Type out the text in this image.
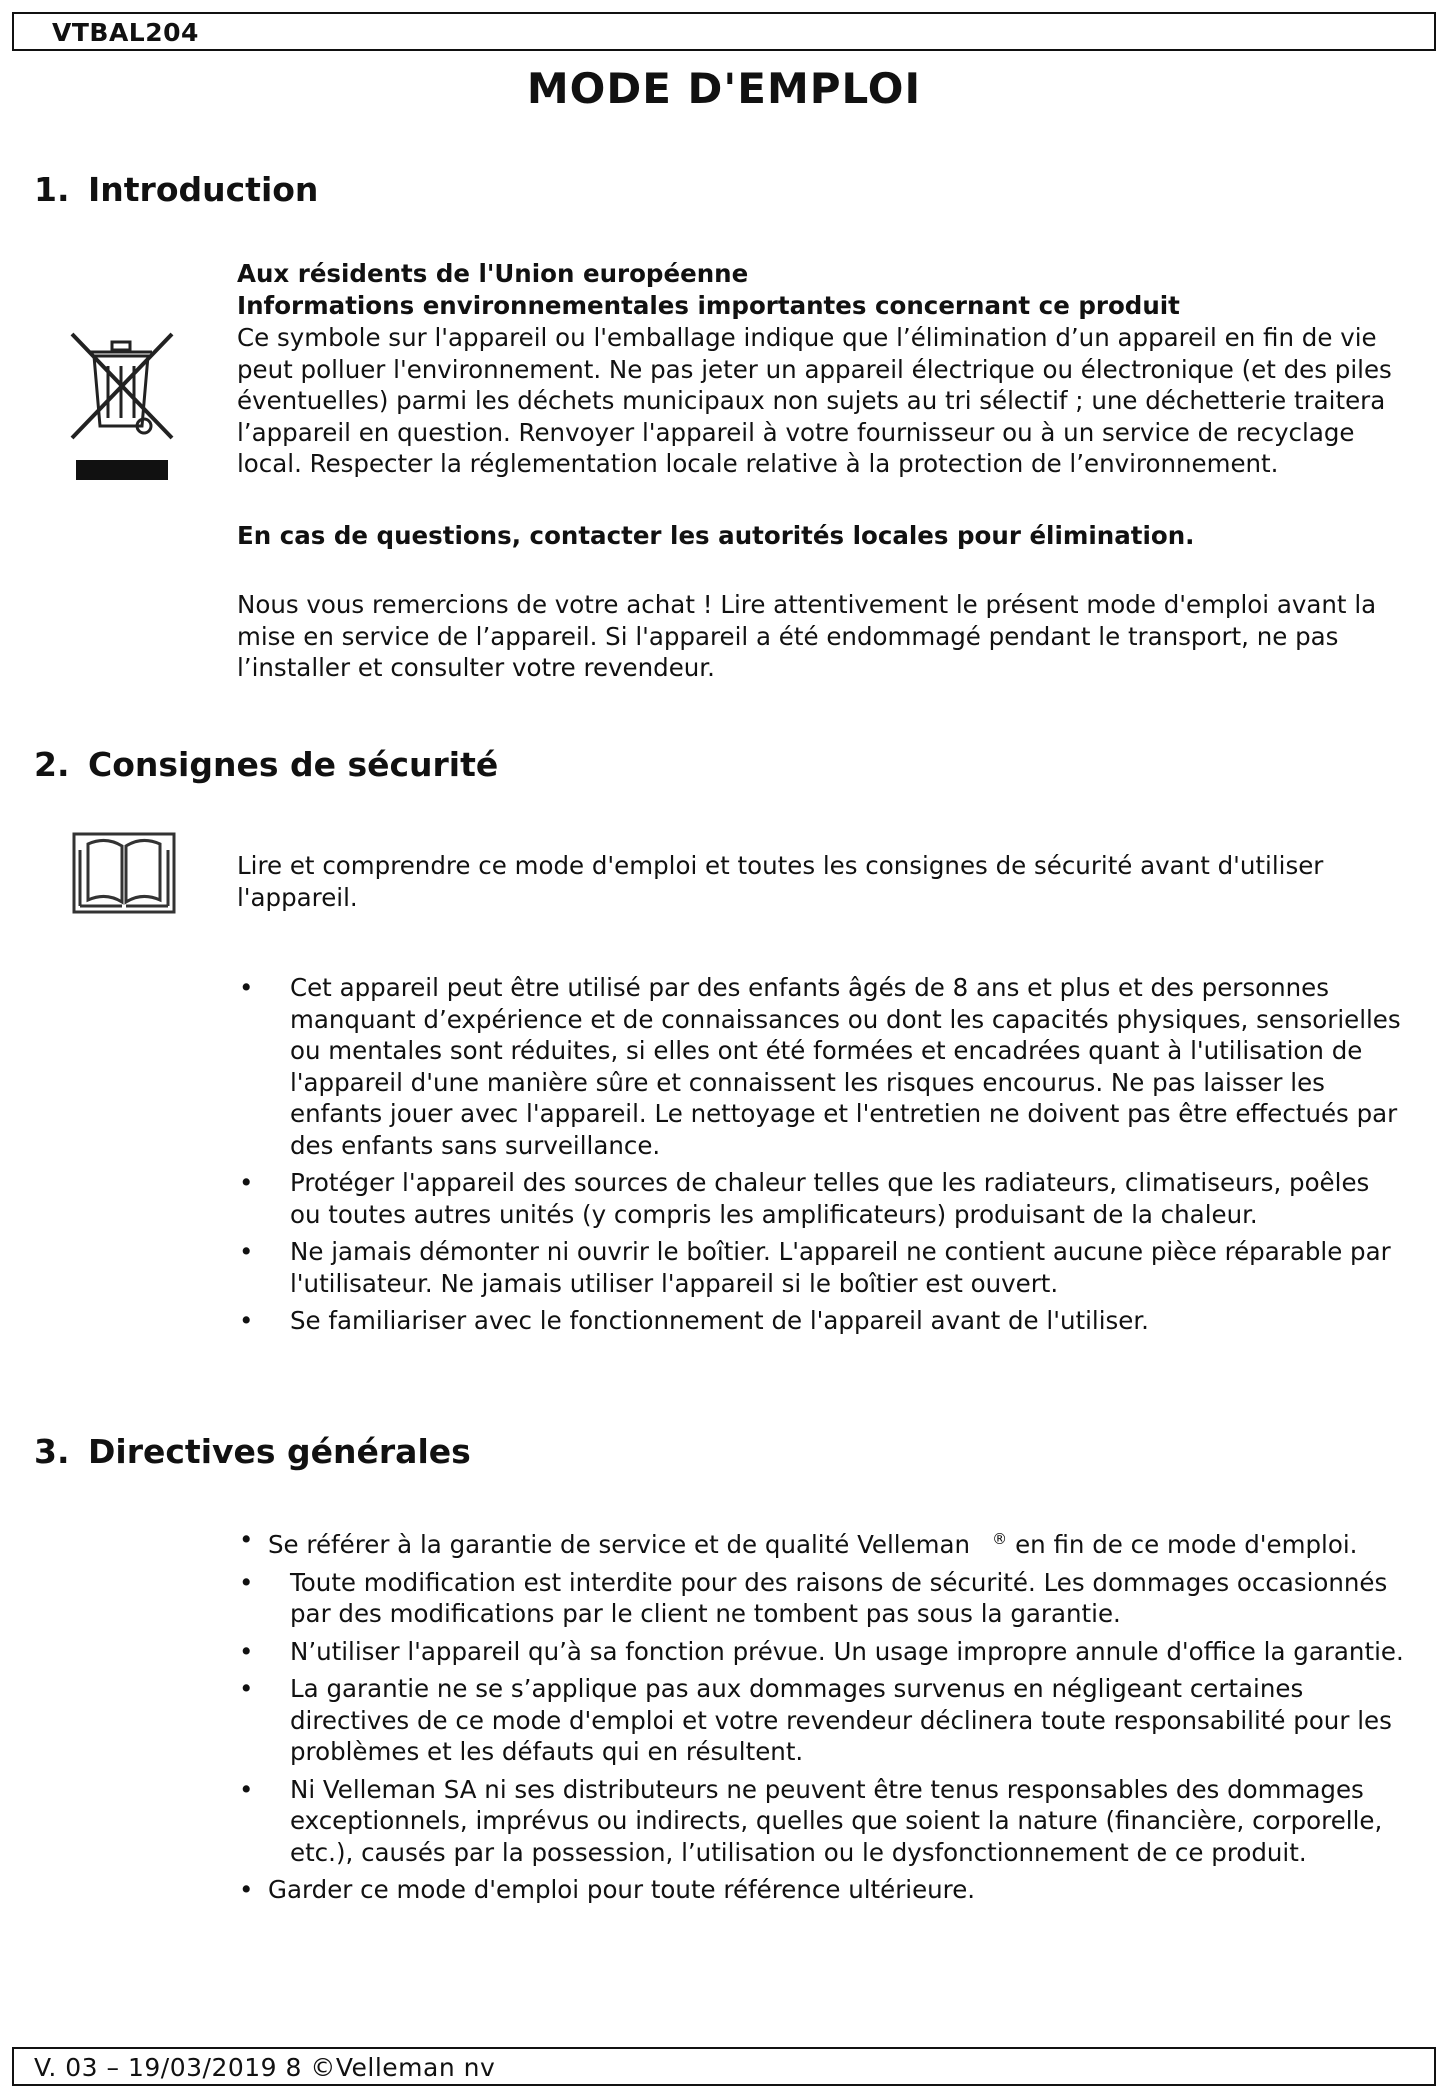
VTBAL204
MODE D'EMPLOI
1. Introduction
Aux résidents de l'Union européenne
Informations environnementales importantes concernant ce produit
Ce symbole sur l'appareil ou l'emballage indique que l’élimination d’un appareil en fin de vie peut polluer l'environnement. Ne pas jeter un appareil électrique ou électronique (et des piles éventuelles) parmi les déchets municipaux non sujets au tri sélectif ; une déchetterie traitera l’appareil en question. Renvoyer l'appareil à votre fournisseur ou à un service de recyclage local. Respecter la réglementation locale relative à la protection de l’environnement.
En cas de questions, contacter les autorités locales pour élimination.
Nous vous remercions de votre achat ! Lire attentivement le présent mode d'emploi avant la mise en service de l’appareil. Si l'appareil a été endommagé pendant le transport, ne pas l’installer et consulter votre revendeur.
2. Consignes de sécurité
Lire et comprendre ce mode d'emploi et toutes les consignes de sécurité avant d'utiliser l'appareil.
• Cet appareil peut être utilisé par des enfants âgés de 8 ans et plus et des personnes manquant d’expérience et de connaissances ou dont les capacités physiques, sensorielles ou mentales sont réduites, si elles ont été formées et encadrées quant à l'utilisation de l'appareil d'une manière sûre et connaissent les risques encourus. Ne pas laisser les enfants jouer avec l'appareil. Le nettoyage et l'entretien ne doivent pas être effectués par des enfants sans surveillance.
• Protéger l'appareil des sources de chaleur telles que les radiateurs, climatiseurs, poêles ou toutes autres unités (y compris les amplificateurs) produisant de la chaleur.
• Ne jamais démonter ni ouvrir le boîtier. L'appareil ne contient aucune pièce réparable par l'utilisateur. Ne jamais utiliser l'appareil si le boîtier est ouvert.
• Se familiariser avec le fonctionnement de l'appareil avant de l'utiliser.
3. Directives générales
• Se référer à la garantie de service et de qualité Velleman ® en fin de ce mode d'emploi.
• Toute modification est interdite pour des raisons de sécurité. Les dommages occasionnés par des modifications par le client ne tombent pas sous la garantie.
• N’utiliser l'appareil qu’à sa fonction prévue. Un usage impropre annule d'office la garantie.
• La garantie ne se s’applique pas aux dommages survenus en négligeant certaines directives de ce mode d'emploi et votre revendeur déclinera toute responsabilité pour les problèmes et les défauts qui en résultent.
• Ni Velleman SA ni ses distributeurs ne peuvent être tenus responsables des dommages exceptionnels, imprévus ou indirects, quelles que soient la nature (financière, corporelle, etc.), causés par la possession, l’utilisation ou le dysfonctionnement de ce produit.
• Garder ce mode d'emploi pour toute référence ultérieure.
V. 03 – 19/03/2019 8 ©Velleman nv
